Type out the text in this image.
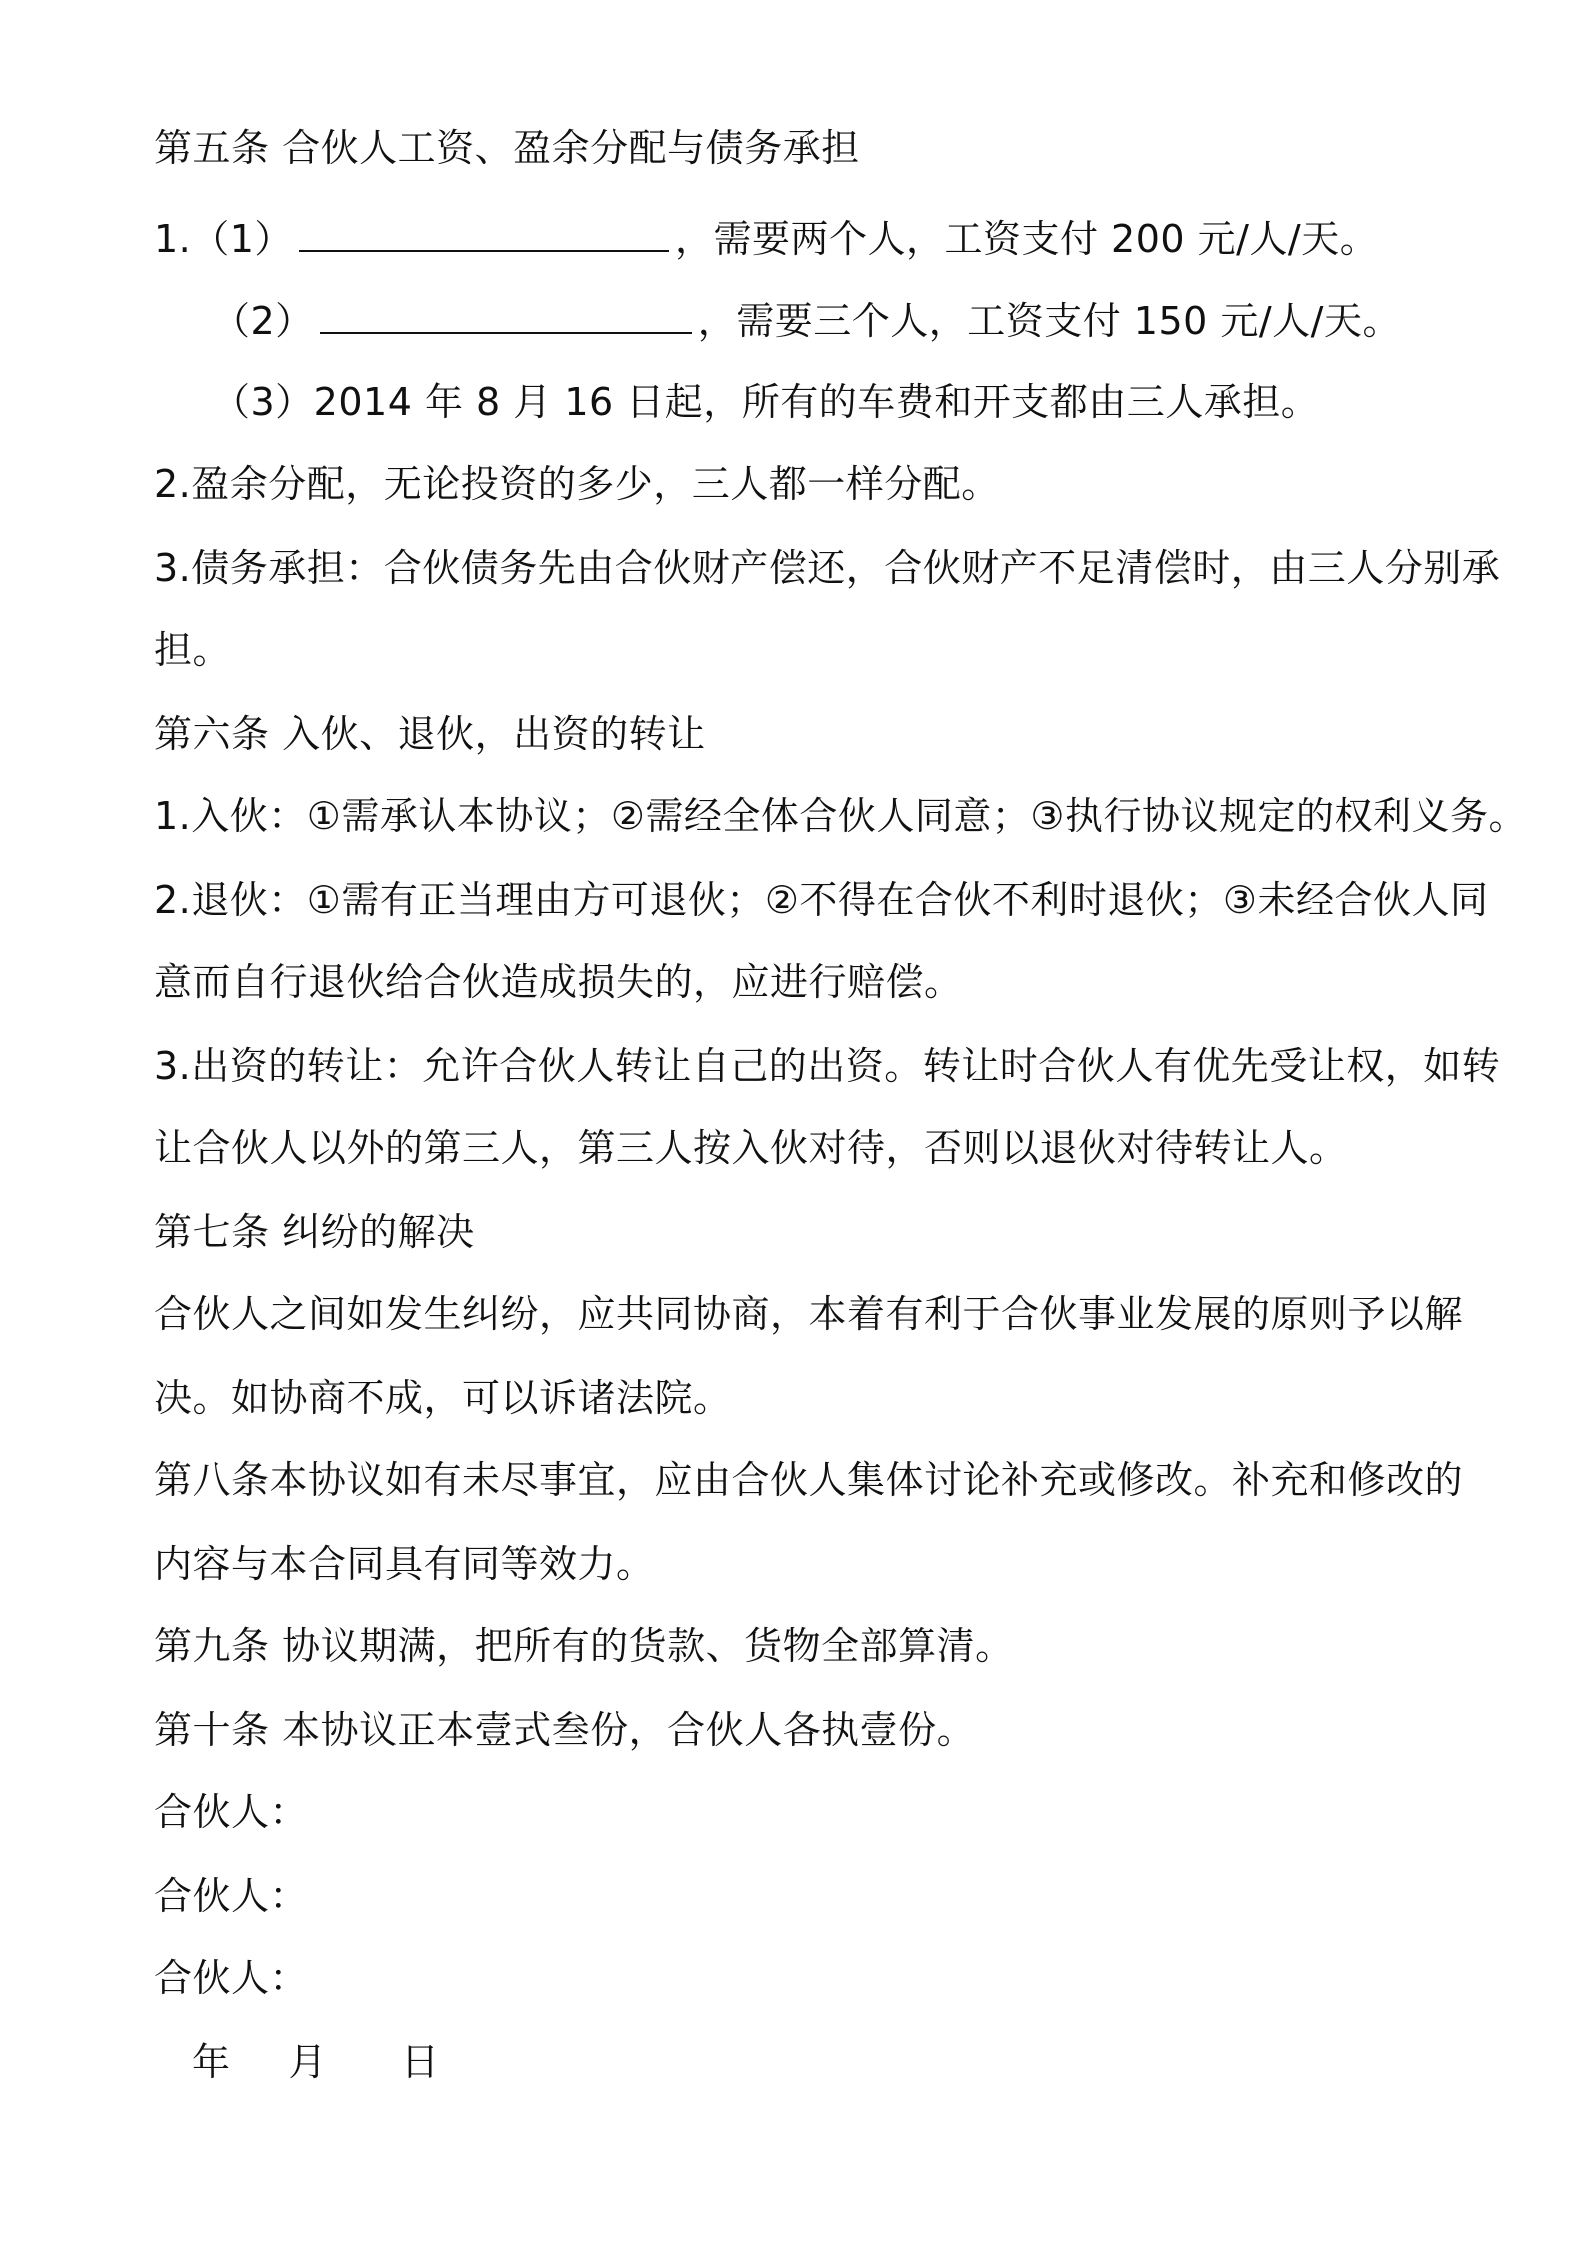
第五条 合伙人工资、盈余分配与债务承担
1.（1）	，需要两个人，工资支付 200 元/人/天。
（2）	，需要三个人，工资支付 150 元/人/天。
（3）2014 年 8 月 16 日起，所有的车费和开支都由三人承担。
2.盈余分配，无论投资的多少，三人都一样分配。
3.债务承担：合伙债务先由合伙财产偿还，合伙财产不足清偿时，由三人分别承
担。
第六条 入伙、退伙，出资的转让
1.入伙：①需承认本协议；②需经全体合伙人同意；③执行协议规定的权利义务。
2.退伙：①需有正当理由方可退伙；②不得在合伙不利时退伙；③未经合伙人同
意而自行退伙给合伙造成损失的，应进行赔偿。
3.出资的转让：允许合伙人转让自己的出资。转让时合伙人有优先受让权，如转
让合伙人以外的第三人，第三人按入伙对待，否则以退伙对待转让人。
第七条 纠纷的解决
合伙人之间如发生纠纷，应共同协商，本着有利于合伙事业发展的原则予以解
决。如协商不成，可以诉诸法院。
第八条本协议如有未尽事宜，应由合伙人集体讨论补充或修改。补充和修改的
内容与本合同具有同等效力。
第九条 协议期满，把所有的货款、货物全部算清。
第十条 本协议正本壹式叁份，合伙人各执壹份。
合伙人：
合伙人：
合伙人：
年 月 日
